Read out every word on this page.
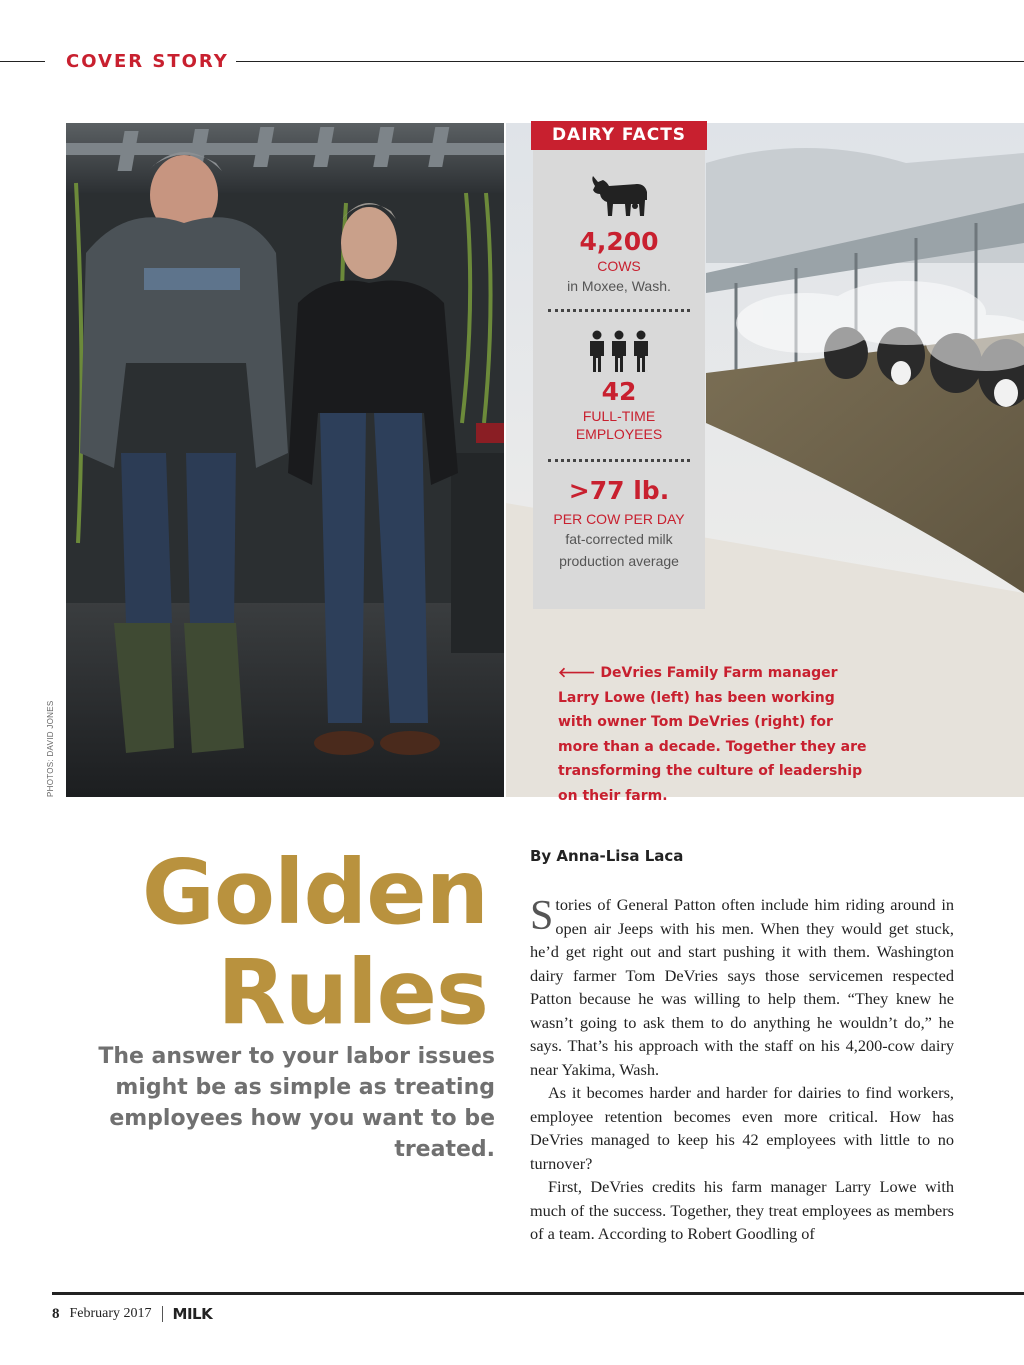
COVER STORY
PHOTOS: DAVID JONES
DAIRY FACTS
4,200
COWS
in Moxee, Wash.
42
FULL-TIME
EMPLOYEES
>77 lb.
PER COW PER DAY
fat-corrected milk
production average
🡐 DeVries Family Farm manager Larry Lowe (left) has been working with owner Tom DeVries (right) for more than a decade. Together they are transforming the culture of leadership on their farm.
Golden
Rules
The answer to your labor issues might be as simple as treating employees how you want to be treated.
By Anna-Lisa Laca

Stories of General Patton often include him riding around in open air Jeeps with his men. When they would get stuck, he’d get right out and start pushing it with them. Washington dairy farmer Tom DeVries says those servicemen respected Patton because he was willing to help them. “They knew he wasn’t going to ask them to do anything he wouldn’t do,” he says. That’s his approach with the staff on his 4,200-cow dairy near Yakima, Wash.

As it becomes harder and harder for dairies to find workers, employee retention becomes even more critical. How has DeVries managed to keep his 42 employees with little to no turnover?

First, DeVries credits his farm manager Larry Lowe with much of the success. Together, they treat employees as members of a team. According to Robert Goodling of

8 February 2017 MILK
